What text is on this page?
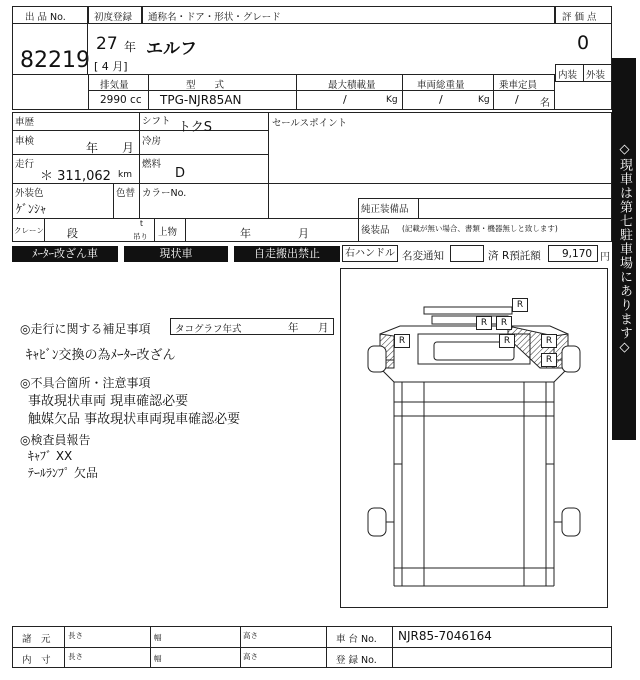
出 品 No.
82219
初度登録
27 年
[ 4 月]
通称名・ドア・形状・グレード
エルフ
評 価 点
0
内装 外装
排気量	型　　式	最大積載量	車両総重量	乗車定員
2990 cc TPG-NJR85AN	/	Kg	/	Kg / 名
車歴	シフト トクS
車検	年 月 冷房
走行
＊ 311,062 km
燃料
D
外装色
ｹﾞﾝｼｬ
色替 カラーNo.
セールスポイント
純正装備品
後装品 (記載が無い場合、書類・機器無しと致します)
クレーン 段
t
吊り 上物	年	月
ﾒｰﾀｰ改ざん車	現状車	自走搬出禁止	右ハンドル 名変通知	済 R預託額 9,170 円
◎走行に関する補足事項	タコグラフ年式	年 月
ｷｬﾋﾞﾝ交換の為ﾒｰﾀｰ改ざん
◎不具合箇所・注意事項
事故現状車両 現車確認必要
触媒欠品 事故現状車両現車確認必要
◎検査員報告
ｷｬﾌﾞ XX
ﾃｰﾙﾗﾝﾌﾟ 欠品
R
R	R
R	R	R
R
◇現車は第七駐車場にあります◇
諸　元 長さ	幅	高さ
内　寸 長さ	幅	高さ
車 台 No. NJR85-7046164
登 録 No.
